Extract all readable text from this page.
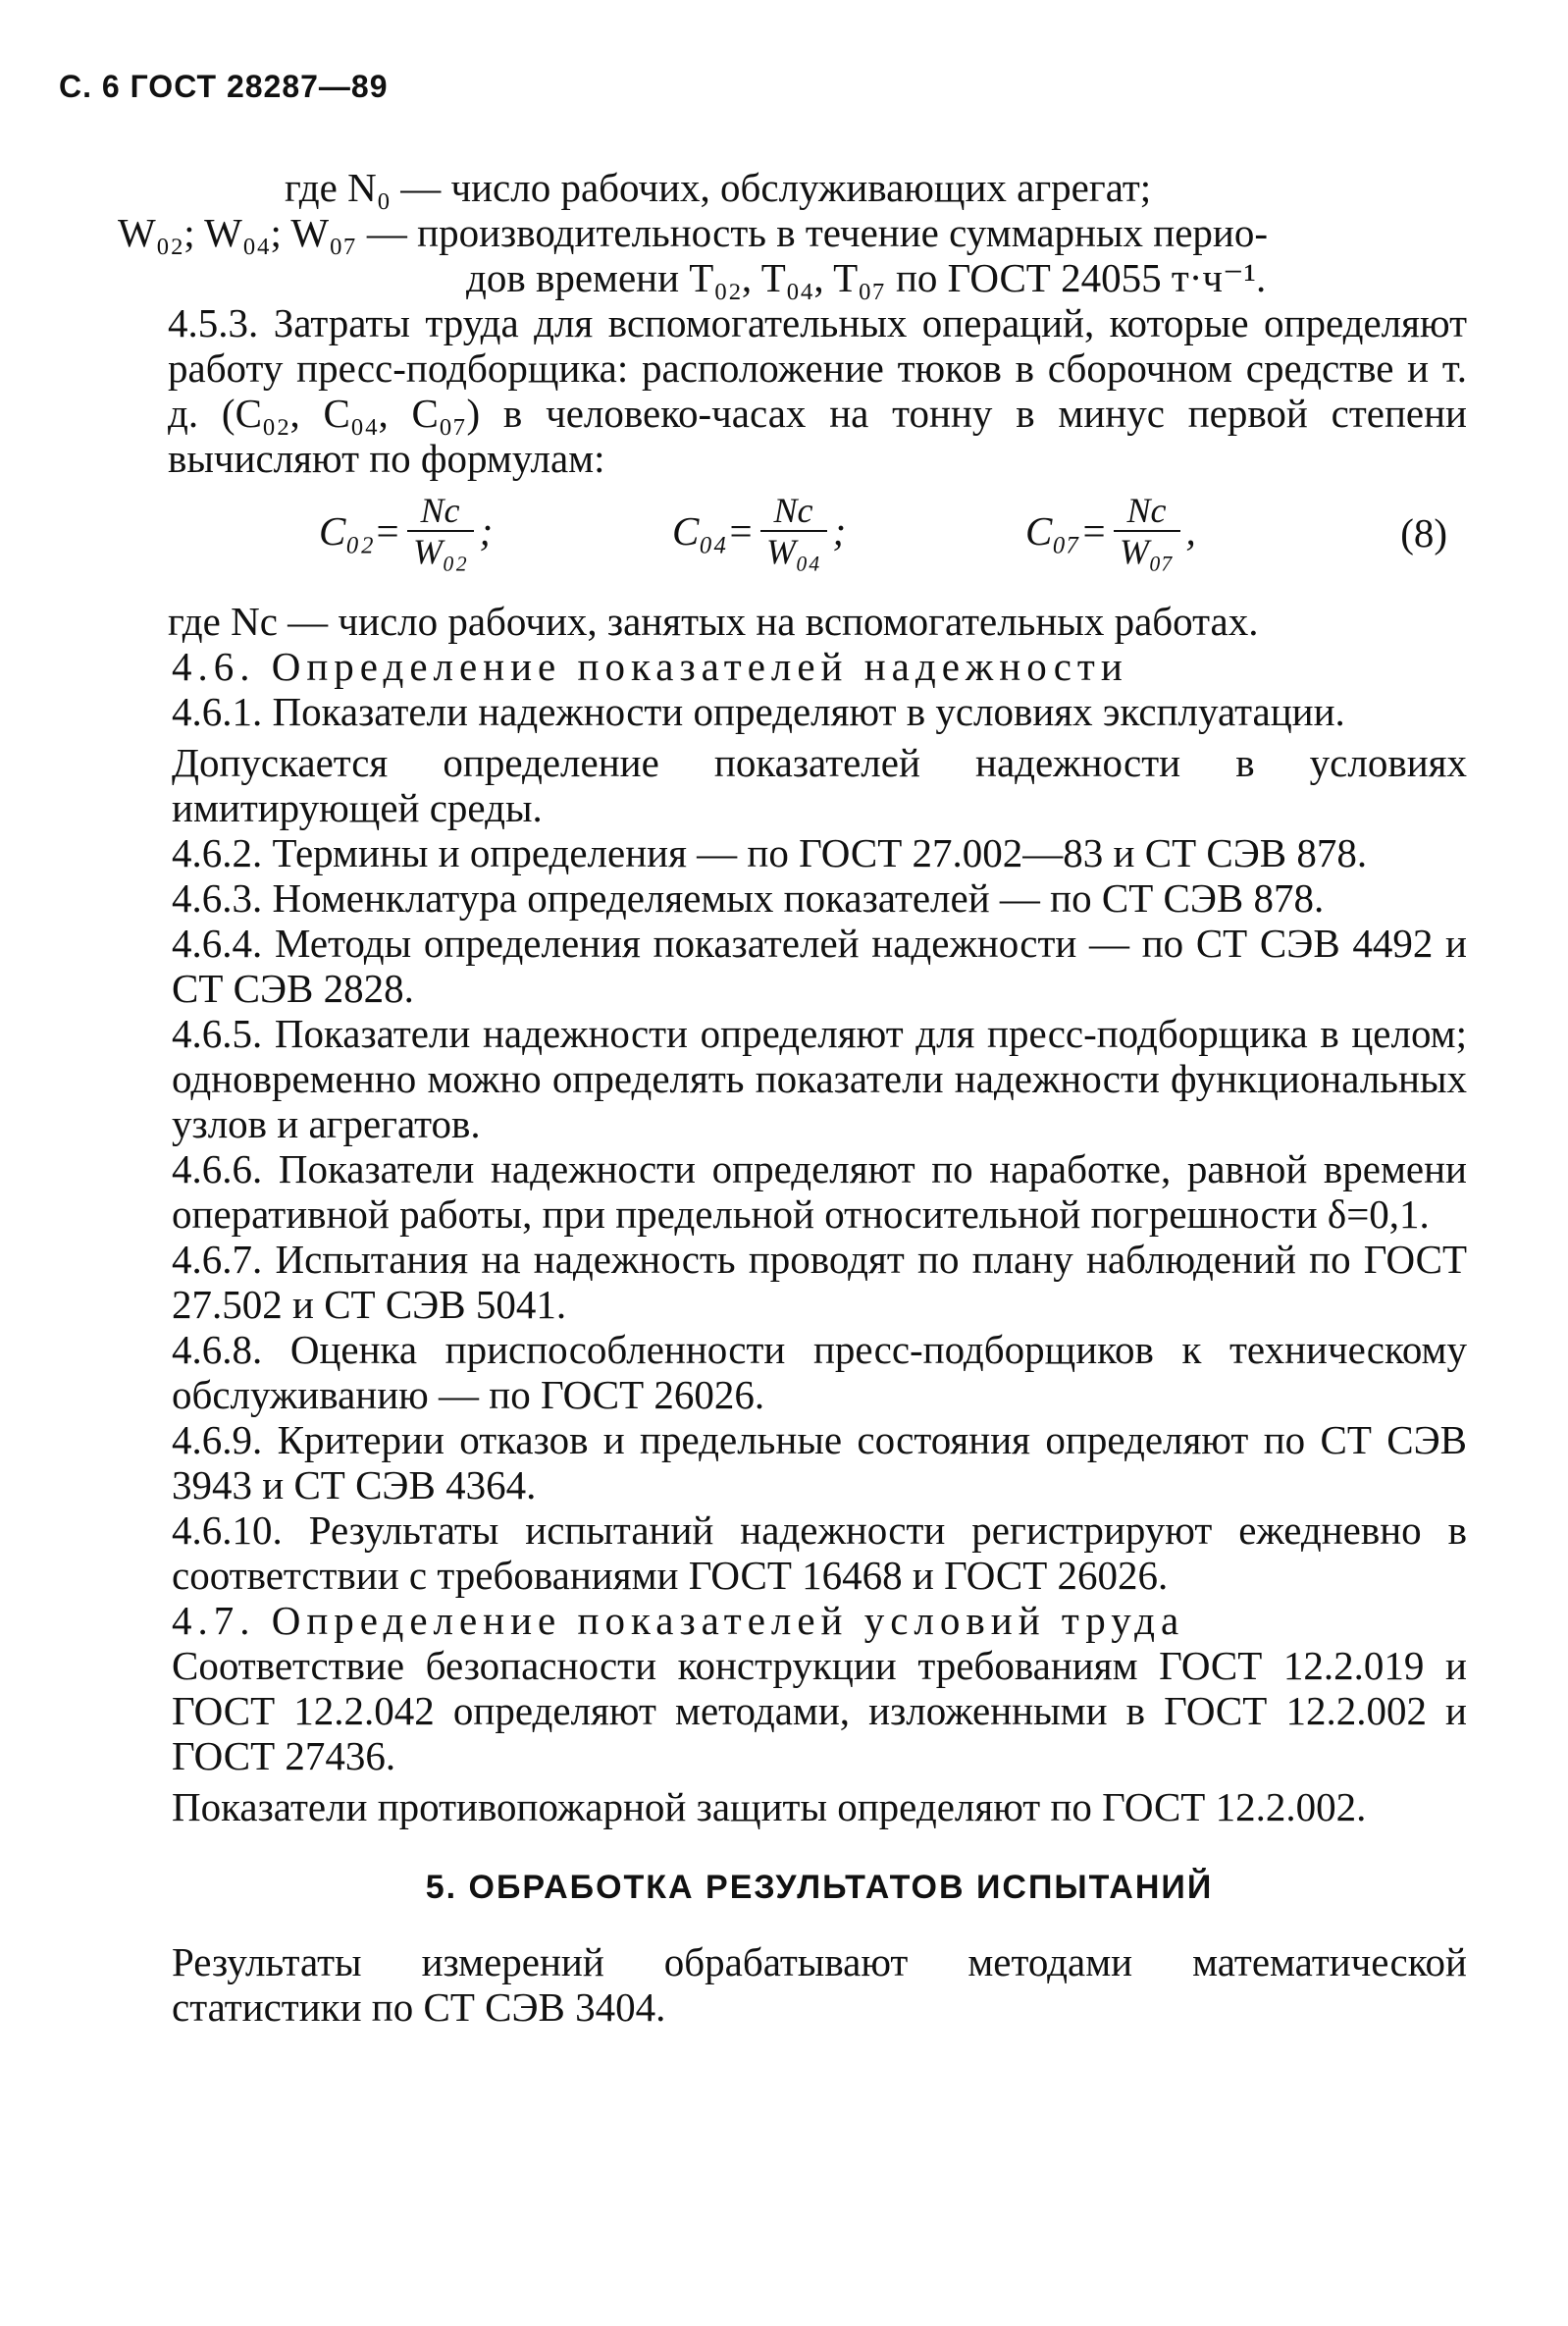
С. 6 ГОСТ 28287—89

где N₀ — число рабочих, обслуживающих агрегат;

W₀₂; W₀₄; W₀₇ — производительность в течение суммарных перио-

дов времени T₀₂, T₀₄, T₀₇ по ГОСТ 24055 т·ч⁻¹.

4.5.3. Затраты труда для вспомогательных операций, которые определяют работу пресс-подборщика: расположение тюков в сборочном средстве и т. д. (C₀₂, C₀₄, C₀₇) в человеко-часах на тонну в минус первой степени вычисляют по формулам:

$C_{02}= \frac{Nc}{\text{W₀₂}}$ ;	$C_{04}= \frac{Nc}{\text{W₀₄}}$ ;	$C_{07}= \frac{Nc}{\text{W₀₇}}$ ,	(8)

где Nс — число рабочих, занятых на вспомогательных работах.

4.6. Определение показателей надежности

4.6.1. Показатели надежности определяют в условиях эксплуатации.

Допускается определение показателей надежности в условиях имитирующей среды.

4.6.2. Термины и определения — по ГОСТ 27.002—83 и СТ СЭВ 878.

4.6.3. Номенклатура определяемых показателей — по СТ СЭВ 878.

4.6.4. Методы определения показателей надежности — по СТ СЭВ 4492 и СТ СЭВ 2828.

4.6.5. Показатели надежности определяют для пресс-подборщика в целом; одновременно можно определять показатели надежности функциональных узлов и агрегатов.

4.6.6. Показатели надежности определяют по наработке, равной времени оперативной работы, при предельной относительной погрешности δ=0,1.

4.6.7. Испытания на надежность проводят по плану наблюдений по ГОСТ 27.502 и СТ СЭВ 5041.

4.6.8. Оценка приспособленности пресс-подборщиков к техническому обслуживанию — по ГОСТ 26026.

4.6.9. Критерии отказов и предельные состояния определяют по СТ СЭВ 3943 и СТ СЭВ 4364.

4.6.10. Результаты испытаний надежности регистрируют ежедневно в соответствии с требованиями ГОСТ 16468 и ГОСТ 26026.

4.7. Определение показателей условий труда

Соответствие безопасности конструкции требованиям ГОСТ 12.2.019 и ГОСТ 12.2.042 определяют методами, изложенными в ГОСТ 12.2.002 и ГОСТ 27436.

Показатели противопожарной защиты определяют по ГОСТ 12.2.002.

5. ОБРАБОТКА РЕЗУЛЬТАТОВ ИСПЫТАНИЙ

Результаты измерений обрабатывают методами математической статистики по СТ СЭВ 3404.
